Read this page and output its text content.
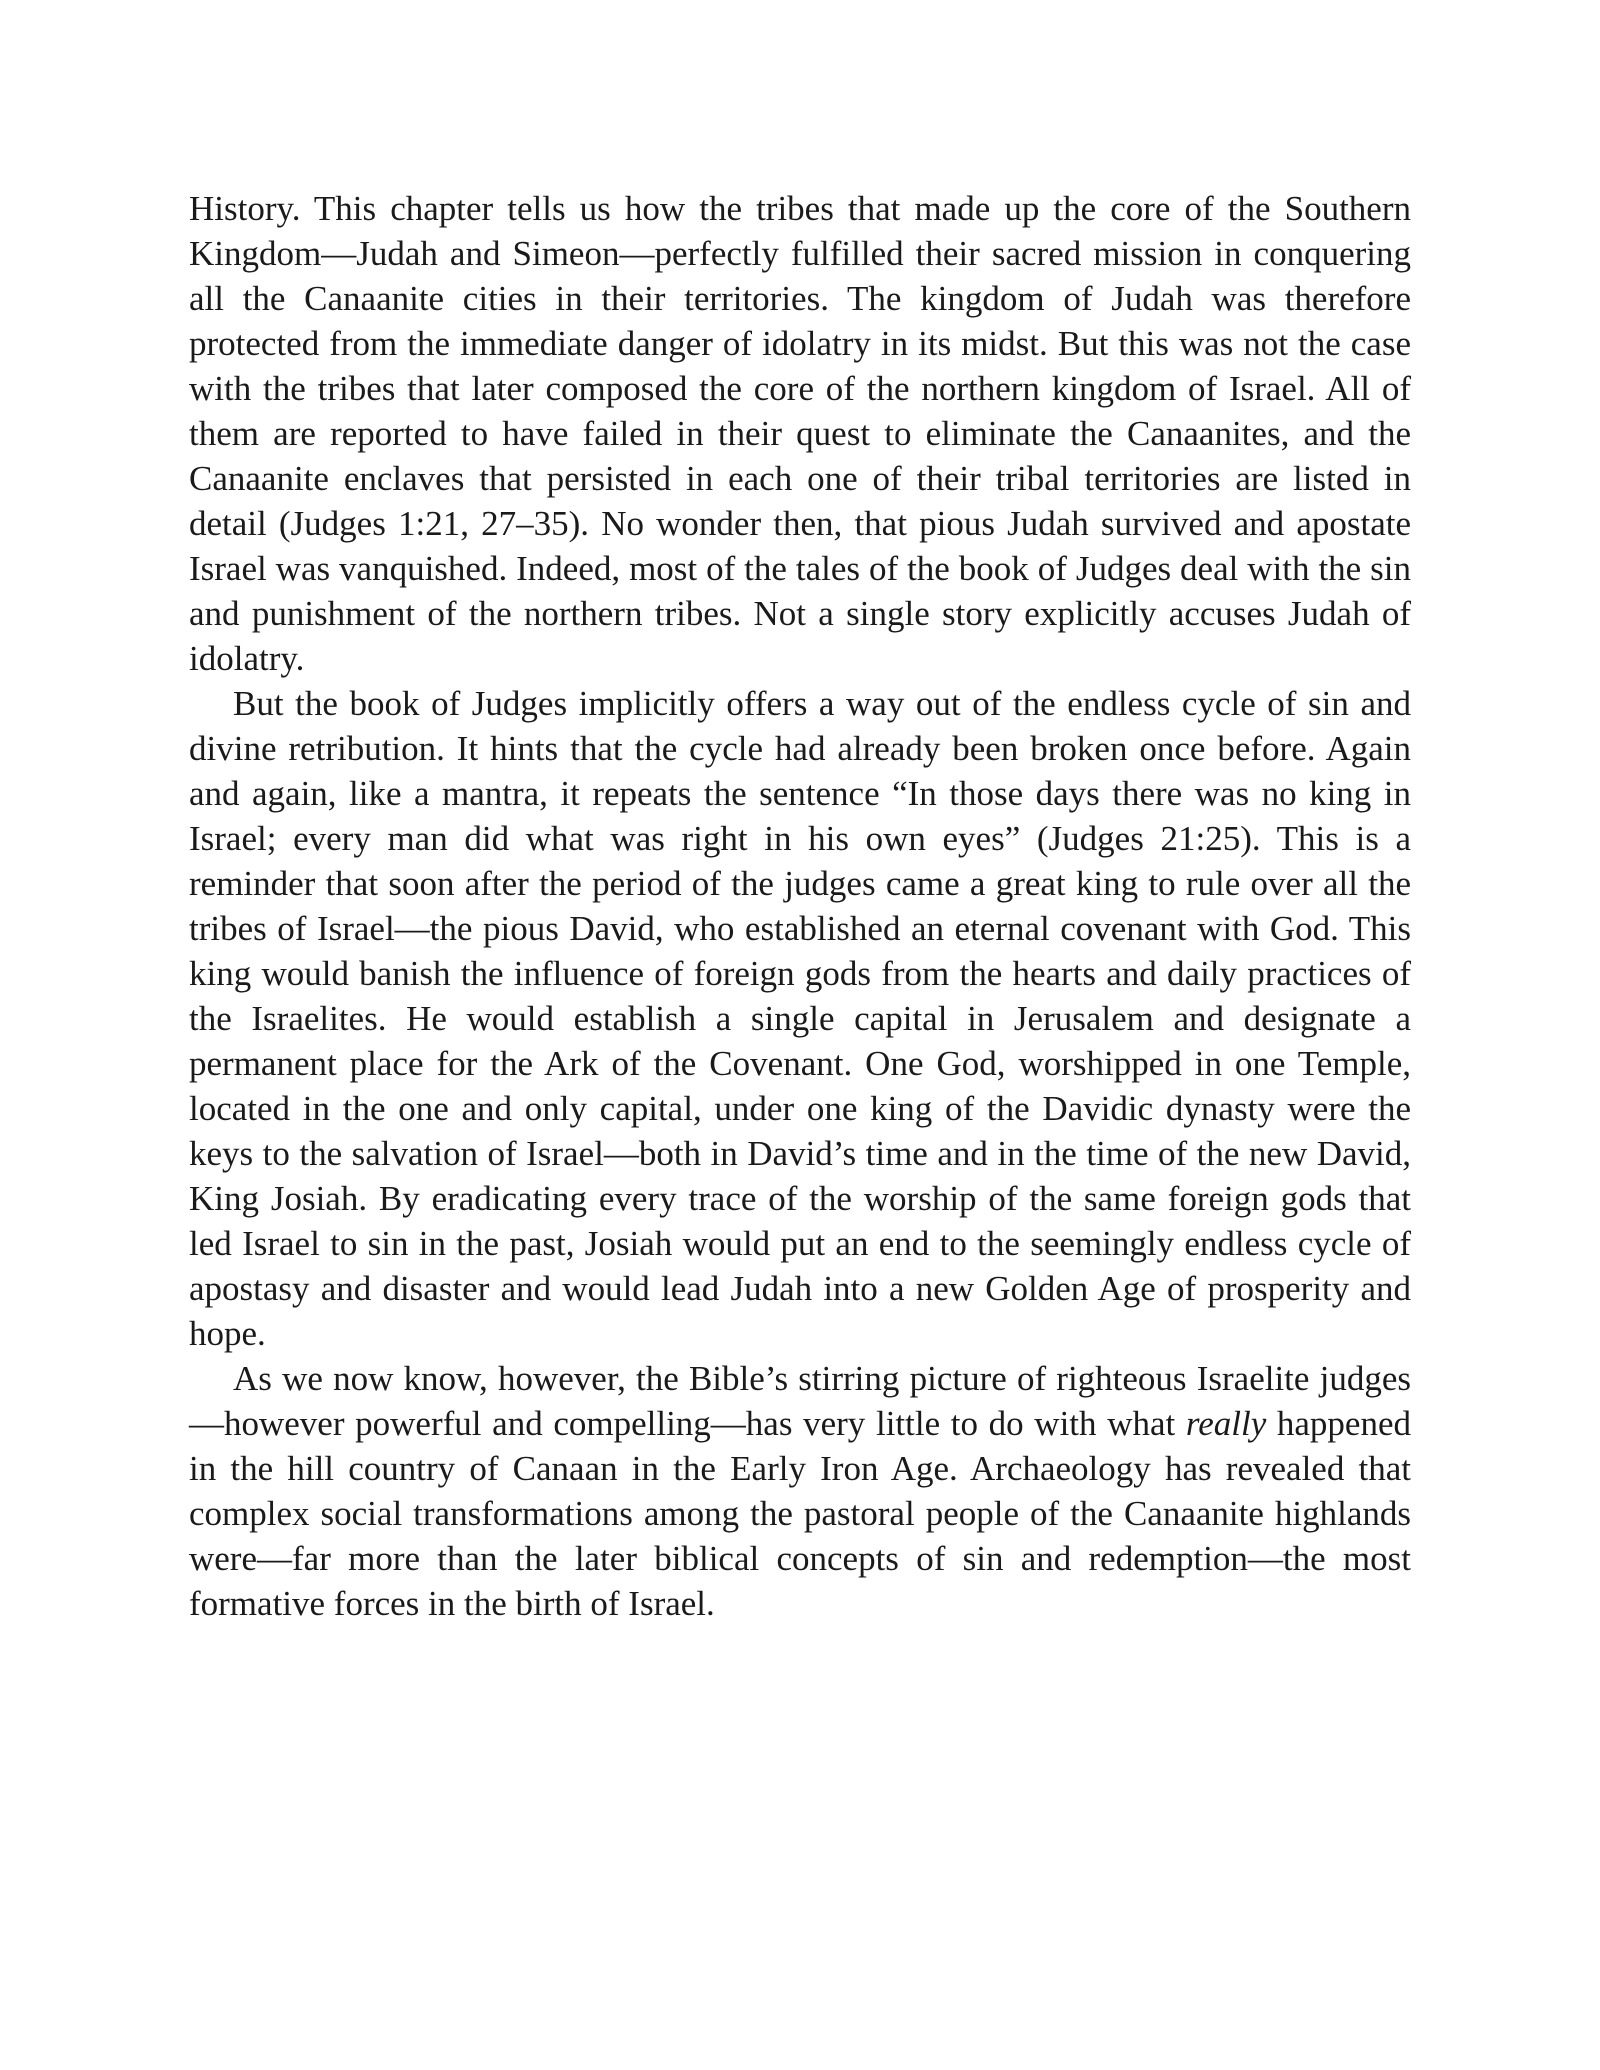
History. This chapter tells us how the tribes that made up the core of the Southern Kingdom—Judah and Simeon—perfectly fulfilled their sacred mission in conquering all the Canaanite cities in their territories. The kingdom of Judah was therefore protected from the immediate danger of idolatry in its midst. But this was not the case with the tribes that later composed the core of the northern kingdom of Israel. All of them are reported to have failed in their quest to eliminate the Canaanites, and the Canaanite enclaves that persisted in each one of their tribal territories are listed in detail (Judges 1:21, 27–35). No wonder then, that pious Judah survived and apostate Israel was vanquished. Indeed, most of the tales of the book of Judges deal with the sin and punishment of the northern tribes. Not a single story explicitly accuses Judah of idolatry.

But the book of Judges implicitly offers a way out of the endless cycle of sin and divine retribution. It hints that the cycle had already been broken once before. Again and again, like a mantra, it repeats the sentence “In those days there was no king in Israel; every man did what was right in his own eyes” (Judges 21:25). This is a reminder that soon after the period of the judges came a great king to rule over all the tribes of Israel—the pious David, who established an eternal covenant with God. This king would banish the influence of foreign gods from the hearts and daily practices of the Israelites. He would establish a single capital in Jerusalem and designate a permanent place for the Ark of the Covenant. One God, worshipped in one Temple, located in the one and only capital, under one king of the Davidic dynasty were the keys to the salvation of Israel—both in David’s time and in the time of the new David, King Josiah. By eradicating every trace of the worship of the same foreign gods that led Israel to sin in the past, Josiah would put an end to the seemingly endless cycle of apostasy and disaster and would lead Judah into a new Golden Age of prosperity and hope.

As we now know, however, the Bible’s stirring picture of righteous Israelite judges—however powerful and compelling—has very little to do with what really happened in the hill country of Canaan in the Early Iron Age. Archaeology has revealed that complex social transformations among the pastoral people of the Canaanite highlands were—far more than the later biblical concepts of sin and redemption—the most formative forces in the birth of Israel.
